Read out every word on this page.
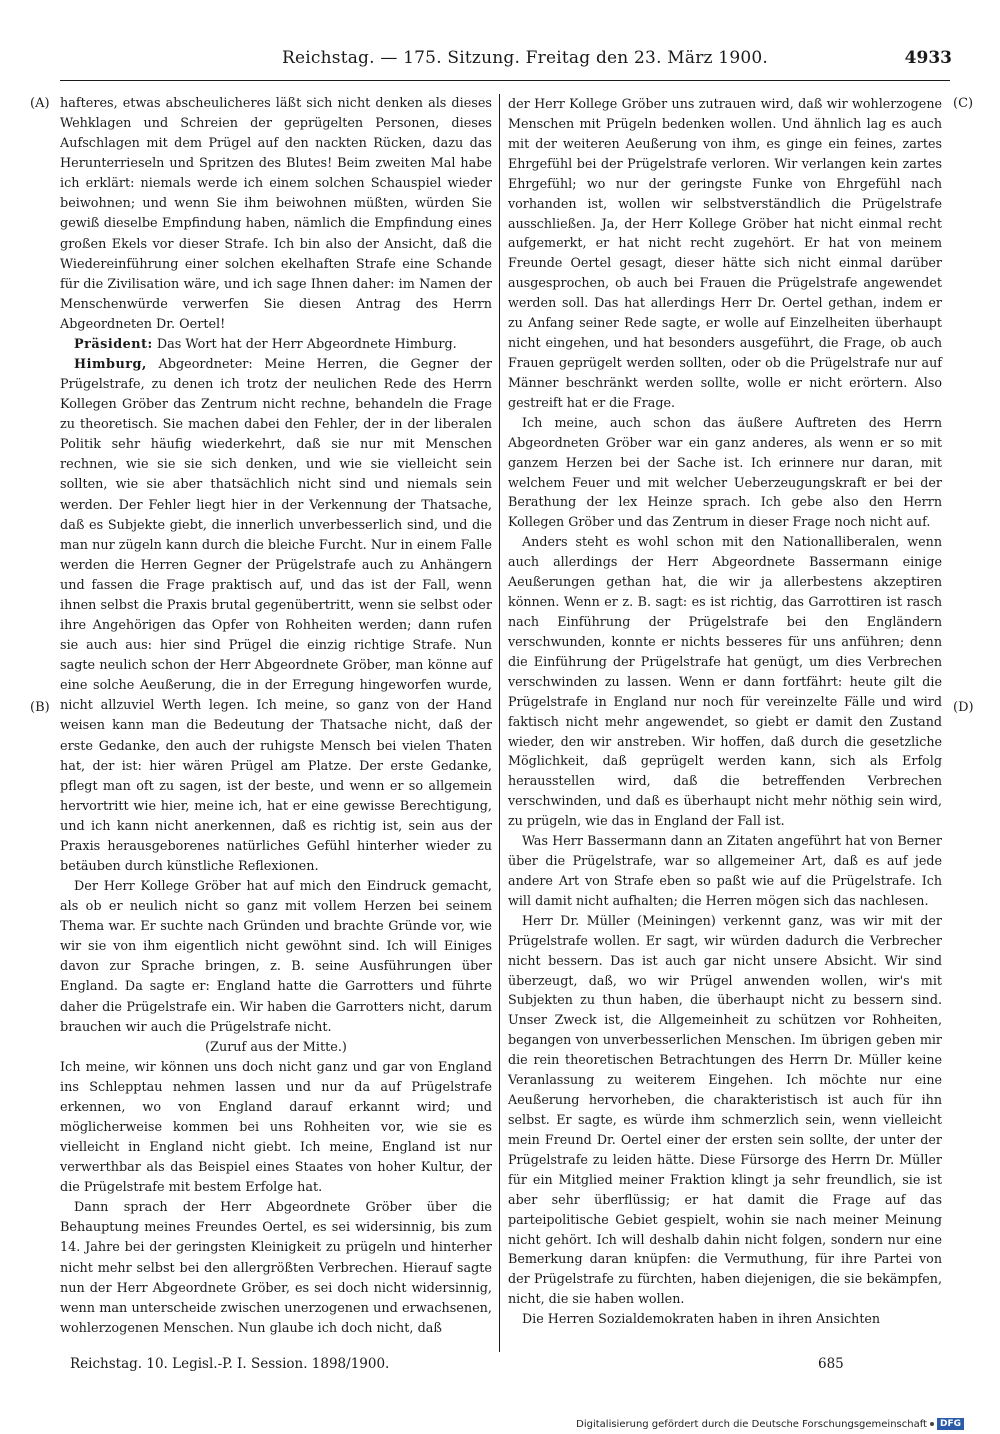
Reichstag. — 175. Sitzung. Freitag den 23. März 1900.	4933
(A)
(B)
(C)
(D)

hafteres, etwas abscheulicheres läßt sich nicht denken als dieses Wehklagen und Schreien der geprügelten Personen, dieses Aufschlagen mit dem Prügel auf den nackten Rücken, dazu das Herunterrieseln und Spritzen des Blutes! Beim zweiten Mal habe ich erklärt: niemals werde ich einem solchen Schauspiel wieder beiwohnen; und wenn Sie ihm beiwohnen müßten, würden Sie gewiß dieselbe Empfindung haben, nämlich die Empfindung eines großen Ekels vor dieser Strafe. Ich bin also der Ansicht, daß die Wiedereinführung einer solchen ekelhaften Strafe eine Schande für die Zivilisation wäre, und ich sage Ihnen daher: im Namen der Menschenwürde verwerfen Sie diesen Antrag des Herrn Abgeordneten Dr. Oertel!

Präsident: Das Wort hat der Herr Abgeordnete Himburg.

Himburg, Abgeordneter: Meine Herren, die Gegner der Prügelstrafe, zu denen ich trotz der neulichen Rede des Herrn Kollegen Gröber das Zentrum nicht rechne, behandeln die Frage zu theoretisch. Sie machen dabei den Fehler, der in der liberalen Politik sehr häufig wiederkehrt, daß sie nur mit Menschen rechnen, wie sie sie sich denken, und wie sie vielleicht sein sollten, wie sie aber thatsächlich nicht sind und niemals sein werden. Der Fehler liegt hier in der Verkennung der Thatsache, daß es Subjekte giebt, die innerlich unverbesserlich sind, und die man nur zügeln kann durch die bleiche Furcht. Nur in einem Falle werden die Herren Gegner der Prügelstrafe auch zu Anhängern und fassen die Frage praktisch auf, und das ist der Fall, wenn ihnen selbst die Praxis brutal gegenübertritt, wenn sie selbst oder ihre Angehörigen das Opfer von Rohheiten werden; dann rufen sie auch aus: hier sind Prügel die einzig richtige Strafe. Nun sagte neulich schon der Herr Abgeordnete Gröber, man könne auf eine solche Aeußerung, die in der Erregung hingeworfen wurde, nicht allzuviel Werth legen. Ich meine, so ganz von der Hand weisen kann man die Bedeutung der Thatsache nicht, daß der erste Gedanke, den auch der ruhigste Mensch bei vielen Thaten hat, der ist: hier wären Prügel am Platze. Der erste Gedanke, pflegt man oft zu sagen, ist der beste, und wenn er so allgemein hervortritt wie hier, meine ich, hat er eine gewisse Berechtigung, und ich kann nicht anerkennen, daß es richtig ist, sein aus der Praxis herausgeborenes natürliches Gefühl hinterher wieder zu betäuben durch künstliche Reflexionen.

Der Herr Kollege Gröber hat auf mich den Eindruck gemacht, als ob er neulich nicht so ganz mit vollem Herzen bei seinem Thema war. Er suchte nach Gründen und brachte Gründe vor, wie wir sie von ihm eigentlich nicht gewöhnt sind. Ich will Einiges davon zur Sprache bringen, z. B. seine Ausführungen über England. Da sagte er: England hatte die Garrotters und führte daher die Prügelstrafe ein. Wir haben die Garrotters nicht, darum brauchen wir auch die Prügelstrafe nicht.

(Zuruf aus der Mitte.)

Ich meine, wir können uns doch nicht ganz und gar von England ins Schlepptau nehmen lassen und nur da auf Prügelstrafe erkennen, wo von England darauf erkannt wird; und möglicherweise kommen bei uns Rohheiten vor, wie sie es vielleicht in England nicht giebt. Ich meine, England ist nur verwerthbar als das Beispiel eines Staates von hoher Kultur, der die Prügelstrafe mit bestem Erfolge hat.

Dann sprach der Herr Abgeordnete Gröber über die Behauptung meines Freundes Oertel, es sei widersinnig, bis zum 14. Jahre bei der geringsten Kleinigkeit zu prügeln und hinterher nicht mehr selbst bei den allergrößten Verbrechen. Hierauf sagte nun der Herr Abgeordnete Gröber, es sei doch nicht widersinnig, wenn man unterscheide zwischen unerzogenen und erwachsenen, wohlerzogenen Menschen. Nun glaube ich doch nicht, daß

der Herr Kollege Gröber uns zutrauen wird, daß wir wohlerzogene Menschen mit Prügeln bedenken wollen. Und ähnlich lag es auch mit der weiteren Aeußerung von ihm, es ginge ein feines, zartes Ehrgefühl bei der Prügelstrafe verloren. Wir verlangen kein zartes Ehrgefühl; wo nur der geringste Funke von Ehrgefühl nach vorhanden ist, wollen wir selbstverständlich die Prügelstrafe ausschließen. Ja, der Herr Kollege Gröber hat nicht einmal recht aufgemerkt, er hat nicht recht zugehört. Er hat von meinem Freunde Oertel gesagt, dieser hätte sich nicht einmal darüber ausgesprochen, ob auch bei Frauen die Prügelstrafe angewendet werden soll. Das hat allerdings Herr Dr. Oertel gethan, indem er zu Anfang seiner Rede sagte, er wolle auf Einzelheiten überhaupt nicht eingehen, und hat besonders ausgeführt, die Frage, ob auch Frauen geprügelt werden sollten, oder ob die Prügelstrafe nur auf Männer beschränkt werden sollte, wolle er nicht erörtern. Also gestreift hat er die Frage.

Ich meine, auch schon das äußere Auftreten des Herrn Abgeordneten Gröber war ein ganz anderes, als wenn er so mit ganzem Herzen bei der Sache ist. Ich erinnere nur daran, mit welchem Feuer und mit welcher Ueberzeugungskraft er bei der Berathung der lex Heinze sprach. Ich gebe also den Herrn Kollegen Gröber und das Zentrum in dieser Frage noch nicht auf.

Anders steht es wohl schon mit den Nationalliberalen, wenn auch allerdings der Herr Abgeordnete Bassermann einige Aeußerungen gethan hat, die wir ja allerbestens akzeptiren können. Wenn er z. B. sagt: es ist richtig, das Garrottiren ist rasch nach Einführung der Prügelstrafe bei den Engländern verschwunden, konnte er nichts besseres für uns anführen; denn die Einführung der Prügelstrafe hat genügt, um dies Verbrechen verschwinden zu lassen. Wenn er dann fortfährt: heute gilt die Prügelstrafe in England nur noch für vereinzelte Fälle und wird faktisch nicht mehr angewendet, so giebt er damit den Zustand wieder, den wir anstreben. Wir hoffen, daß durch die gesetzliche Möglichkeit, daß geprügelt werden kann, sich als Erfolg herausstellen wird, daß die betreffenden Verbrechen verschwinden, und daß es überhaupt nicht mehr nöthig sein wird, zu prügeln, wie das in England der Fall ist.

Was Herr Bassermann dann an Zitaten angeführt hat von Berner über die Prügelstrafe, war so allgemeiner Art, daß es auf jede andere Art von Strafe eben so paßt wie auf die Prügelstrafe. Ich will damit nicht aufhalten; die Herren mögen sich das nachlesen.

Herr Dr. Müller (Meiningen) verkennt ganz, was wir mit der Prügelstrafe wollen. Er sagt, wir würden dadurch die Verbrecher nicht bessern. Das ist auch gar nicht unsere Absicht. Wir sind überzeugt, daß, wo wir Prügel anwenden wollen, wir's mit Subjekten zu thun haben, die überhaupt nicht zu bessern sind. Unser Zweck ist, die Allgemeinheit zu schützen vor Rohheiten, begangen von unverbesserlichen Menschen. Im übrigen geben mir die rein theoretischen Betrachtungen des Herrn Dr. Müller keine Veranlassung zu weiterem Eingehen. Ich möchte nur eine Aeußerung hervorheben, die charakteristisch ist auch für ihn selbst. Er sagte, es würde ihm schmerzlich sein, wenn vielleicht mein Freund Dr. Oertel einer der ersten sein sollte, der unter der Prügelstrafe zu leiden hätte. Diese Fürsorge des Herrn Dr. Müller für ein Mitglied meiner Fraktion klingt ja sehr freundlich, sie ist aber sehr überflüssig; er hat damit die Frage auf das parteipolitische Gebiet gespielt, wohin sie nach meiner Meinung nicht gehört. Ich will deshalb dahin nicht folgen, sondern nur eine Bemerkung daran knüpfen: die Vermuthung, für ihre Partei von der Prügelstrafe zu fürchten, haben diejenigen, die sie bekämpfen, nicht, die sie haben wollen.

Die Herren Sozialdemokraten haben in ihren Ansichten

Reichstag. 10. Legisl.-P. I. Session. 1898/1900.	685
Digitalisierung gefördert durch die Deutsche Forschungsgemeinschaft	DFG
